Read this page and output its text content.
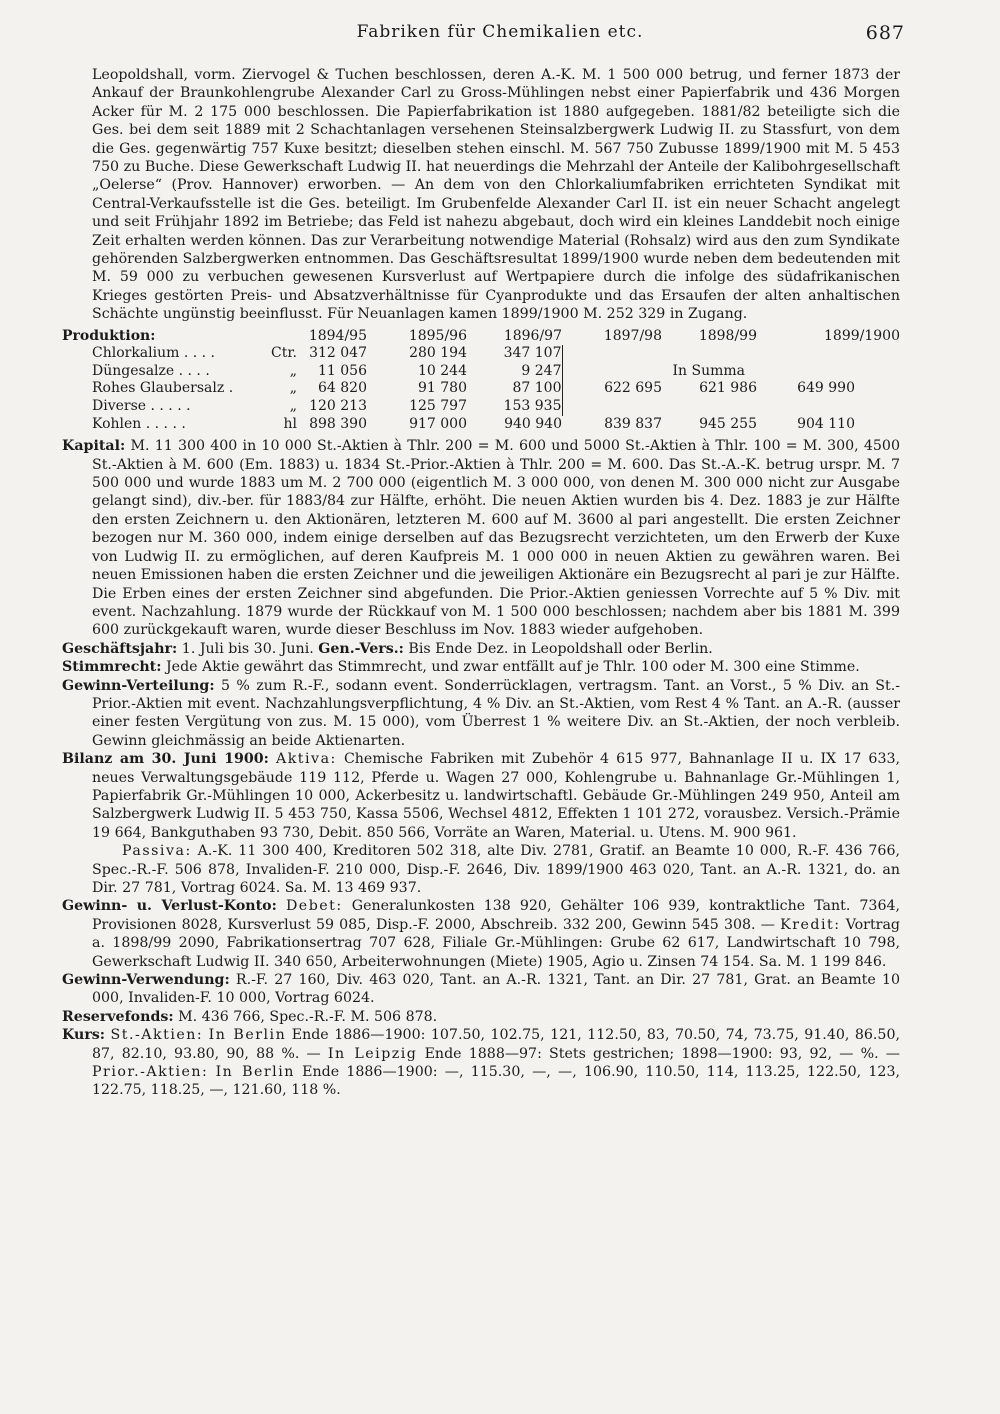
Fabriken für Chemikalien etc.	687

Leopoldshall, vorm. Ziervogel & Tuchen beschlossen, deren A.-K. M. 1 500 000 betrug, und ferner 1873 der Ankauf der Braunkohlengrube Alexander Carl zu Gross-Mühlingen nebst einer Papierfabrik und 436 Morgen Acker für M. 2 175 000 beschlossen. Die Papierfabrikation ist 1880 aufgegeben. 1881/82 beteiligte sich die Ges. bei dem seit 1889 mit 2 Schachtanlagen versehenen Steinsalzbergwerk Ludwig II. zu Stassfurt, von dem die Ges. gegenwärtig 757 Kuxe besitzt; dieselben stehen einschl. M. 567 750 Zubusse 1899/1900 mit M. 5 453 750 zu Buche. Diese Gewerkschaft Ludwig II. hat neuerdings die Mehrzahl der Anteile der Kalibohrgesellschaft „Oelerse“ (Prov. Hannover) erworben. — An dem von den Chlorkaliumfabriken errichteten Syndikat mit Central-Verkaufsstelle ist die Ges. beteiligt. Im Grubenfelde Alexander Carl II. ist ein neuer Schacht angelegt und seit Frühjahr 1892 im Betriebe; das Feld ist nahezu abgebaut, doch wird ein kleines Landdebit noch einige Zeit erhalten werden können. Das zur Verarbeitung notwendige Material (Rohsalz) wird aus den zum Syndikate gehörenden Salzbergwerken entnommen. Das Geschäftsresultat 1899/1900 wurde neben dem bedeutenden mit M. 59 000 zu verbuchen gewesenen Kursverlust auf Wertpapiere durch die infolge des südafrikanischen Krieges gestörten Preis- und Absatzverhältnisse für Cyanprodukte und das Ersaufen der alten anhaltischen Schächte ungünstig beeinflusst. Für Neuanlagen kamen 1899/1900 M. 252 329 in Zugang.

Produktion:		1894/95	1895/96	1896/97	1897/98	1898/99	1899/1900	
Chlorkalium . . . .	Ctr.	312 047	280 194	347 107				
Düngesalze . . . .	„	11 056	10 244	9 247	In Summa			
Rohes Glaubersalz .	„	64 820	91 780	87 100	622 695	621 986	649 990	
Diverse . . . . .	„	120 213	125 797	153 935				
Kohlen . . . . .	hl	898 390	917 000	940 940	839 837	945 255	904 110	

Kapital: M. 11 300 400 in 10 000 St.-Aktien à Thlr. 200 = M. 600 und 5000 St.-Aktien à Thlr. 100 = M. 300, 4500 St.-Aktien à M. 600 (Em. 1883) u. 1834 St.-Prior.-Aktien à Thlr. 200 = M. 600. Das St.-A.-K. betrug urspr. M. 7 500 000 und wurde 1883 um M. 2 700 000 (eigentlich M. 3 000 000, von denen M. 300 000 nicht zur Ausgabe gelangt sind), div.-ber. für 1883/84 zur Hälfte, erhöht. Die neuen Aktien wurden bis 4. Dez. 1883 je zur Hälfte den ersten Zeichnern u. den Aktionären, letzteren M. 600 auf M. 3600 al pari angestellt. Die ersten Zeichner bezogen nur M. 360 000, indem einige derselben auf das Bezugsrecht verzichteten, um den Erwerb der Kuxe von Ludwig II. zu ermöglichen, auf deren Kaufpreis M. 1 000 000 in neuen Aktien zu gewähren waren. Bei neuen Emissionen haben die ersten Zeichner und die jeweiligen Aktionäre ein Bezugsrecht al pari je zur Hälfte. Die Erben eines der ersten Zeichner sind abgefunden. Die Prior.-Aktien geniessen Vorrechte auf 5 % Div. mit event. Nachzahlung. 1879 wurde der Rückkauf von M. 1 500 000 beschlossen; nachdem aber bis 1881 M. 399 600 zurückgekauft waren, wurde dieser Beschluss im Nov. 1883 wieder aufgehoben.

Geschäftsjahr: 1. Juli bis 30. Juni. Gen.-Vers.: Bis Ende Dez. in Leopoldshall oder Berlin.

Stimmrecht: Jede Aktie gewährt das Stimmrecht, und zwar entfällt auf je Thlr. 100 oder M. 300 eine Stimme.

Gewinn-Verteilung: 5 % zum R.-F., sodann event. Sonderrücklagen, vertragsm. Tant. an Vorst., 5 % Div. an St.-Prior.-Aktien mit event. Nachzahlungsverpflichtung, 4 % Div. an St.-Aktien, vom Rest 4 % Tant. an A.-R. (ausser einer festen Vergütung von zus. M. 15 000), vom Überrest 1 % weitere Div. an St.-Aktien, der noch verbleib. Gewinn gleichmässig an beide Aktienarten.

Bilanz am 30. Juni 1900: Aktiva: Chemische Fabriken mit Zubehör 4 615 977, Bahnanlage II u. IX 17 633, neues Verwaltungsgebäude 119 112, Pferde u. Wagen 27 000, Kohlengrube u. Bahnanlage Gr.-Mühlingen 1, Papierfabrik Gr.-Mühlingen 10 000, Ackerbesitz u. landwirtschaftl. Gebäude Gr.-Mühlingen 249 950, Anteil am Salzbergwerk Ludwig II. 5 453 750, Kassa 5506, Wechsel 4812, Effekten 1 101 272, vorausbez. Versich.-Prämie 19 664, Bankguthaben 93 730, Debit. 850 566, Vorräte an Waren, Material. u. Utens. M. 900 961.

Passiva: A.-K. 11 300 400, Kreditoren 502 318, alte Div. 2781, Gratif. an Beamte 10 000, R.-F. 436 766, Spec.-R.-F. 506 878, Invaliden-F. 210 000, Disp.-F. 2646, Div. 1899/1900 463 020, Tant. an A.-R. 1321, do. an Dir. 27 781, Vortrag 6024. Sa. M. 13 469 937.

Gewinn- u. Verlust-Konto: Debet: Generalunkosten 138 920, Gehälter 106 939, kontraktliche Tant. 7364, Provisionen 8028, Kursverlust 59 085, Disp.-F. 2000, Abschreib. 332 200, Gewinn 545 308. — Kredit: Vortrag a. 1898/99 2090, Fabrikationsertrag 707 628, Filiale Gr.-Mühlingen: Grube 62 617, Landwirtschaft 10 798, Gewerkschaft Ludwig II. 340 650, Arbeiterwohnungen (Miete) 1905, Agio u. Zinsen 74 154. Sa. M. 1 199 846.

Gewinn-Verwendung: R.-F. 27 160, Div. 463 020, Tant. an A.-R. 1321, Tant. an Dir. 27 781, Grat. an Beamte 10 000, Invaliden-F. 10 000, Vortrag 6024.

Reservefonds: M. 436 766, Spec.-R.-F. M. 506 878.

Kurs: St.-Aktien: In Berlin Ende 1886—1900: 107.50, 102.75, 121, 112.50, 83, 70.50, 74, 73.75, 91.40, 86.50, 87, 82.10, 93.80, 90, 88 %. — In Leipzig Ende 1888—97: Stets gestrichen; 1898—1900: 93, 92, — %. — Prior.-Aktien: In Berlin Ende 1886—1900: —, 115.30, —, —, 106.90, 110.50, 114, 113.25, 122.50, 123, 122.75, 118.25, —, 121.60, 118 %.
